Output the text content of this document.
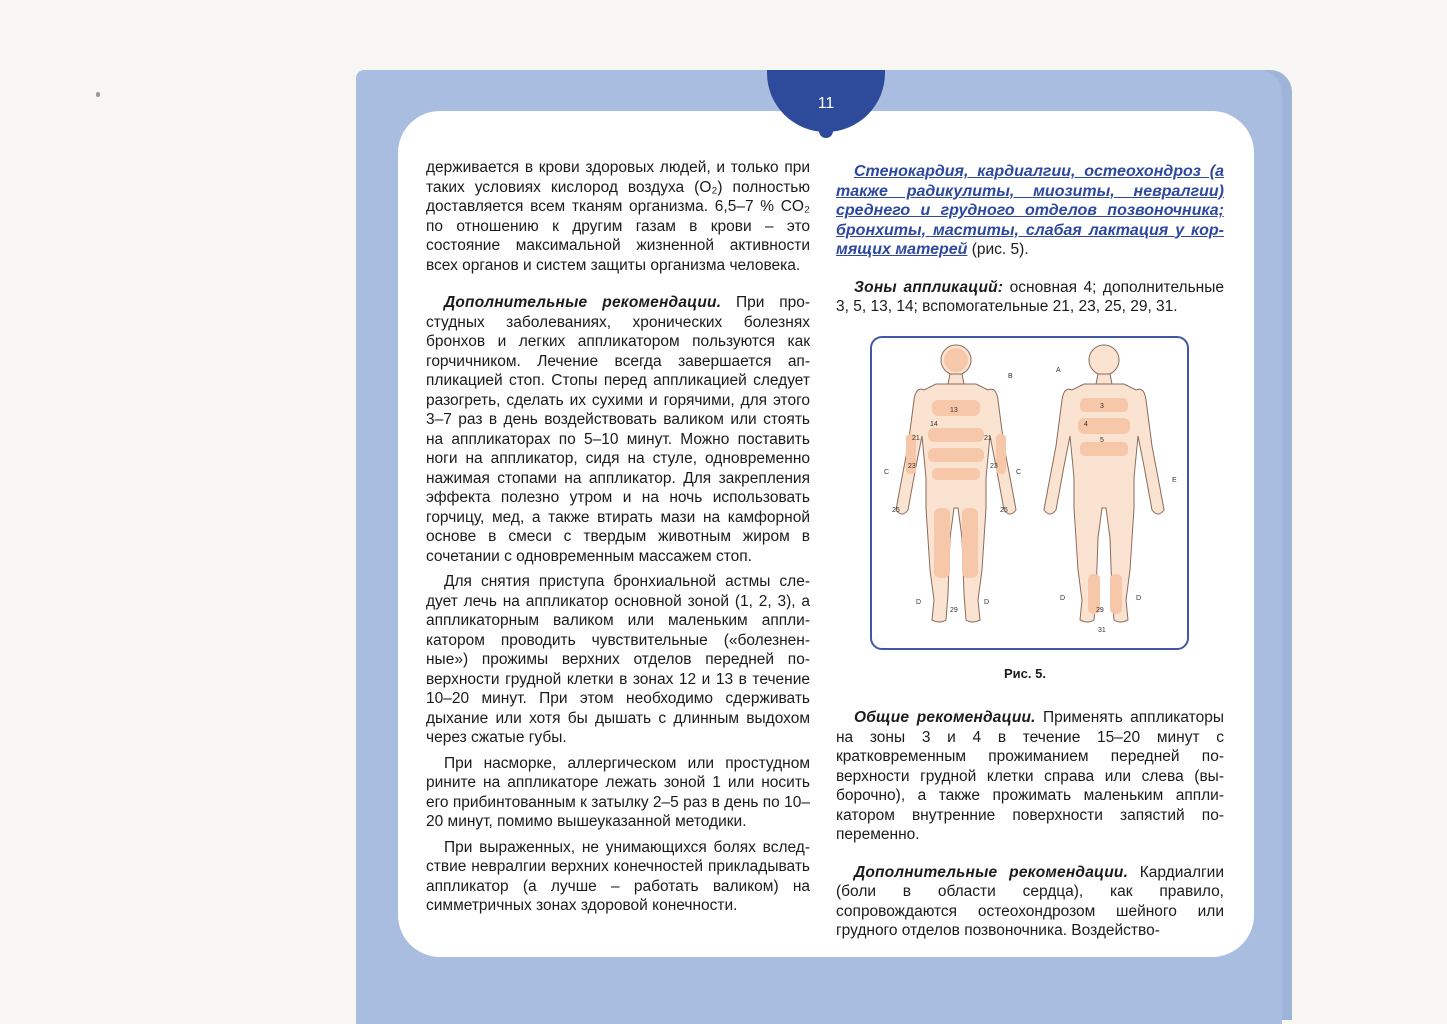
11

держивается в крови здоровых людей, и только при таких условиях кислород воздуха (O₂) полностью доставляется всем тканям организма. 6,5–7 % CO₂ по отношению к другим газам в крови – это состояние максимальной жизненной активности всех органов и систем защиты организма человека.

Дополнительные рекомендации. При простудных заболеваниях, хронических болезнях бронхов и легких аппликатором пользуются как горчичником. Лечение всегда завершается аппликацией стоп. Стопы перед аппликацией следует разогреть, сделать их сухими и горячими, для этого 3–7 раз в день воздействовать валиком или стоять на аппликаторах по 5–10 минут. Можно поставить ноги на аппликатор, сидя на стуле, одновременно нажимая стопами на аппликатор. Для закрепления эффекта полезно утром и на ночь использовать горчицу, мед, а также втирать мази на камфорной основе в смеси с твердым животным жиром в сочетании с одновременным массажем стоп.

Для снятия приступа бронхиальной астмы следует лечь на аппликатор основной зоной (1, 2, 3), а аппликаторным валиком или маленьким аппликатором проводить чувствительные («болезненные») прожимы верхних отделов передней поверхности грудной клетки в зонах 12 и 13 в течение 10–20 минут. При этом необходимо сдерживать дыхание или хотя бы дышать с длинным выдохом через сжатые губы.

При насморке, аллергическом или простудном рините на аппликаторе лежать зоной 1 или носить его прибинтованным к затылку 2–5 раз в день по 10–20 минут, помимо вышеуказанной методики.

При выраженных, не унимающихся болях вследствие невралгии верхних конечностей прикладывать аппликатор (а лучше – работать валиком) на симметричных зонах здоровой конечности.

Стенокардия, кардиалгии, остеохондроз (а также радикулиты, миозиты, невралгии) среднего и грудного отделов позвоночника; бронхиты, маститы, слабая лактация у кормящих матерей (рис. 5).

Зоны аппликаций: основная 4; дополнительные 3, 5, 13, 14; вспомогательные 21, 23, 25, 29, 31.

13
14
21	21
23	23
25	25
29
3
4
5
29
31
B
A
C	C
E
D	D
D	D
Рис. 5.

Общие рекомендации. Применять аппликаторы на зоны 3 и 4 в течение 15–20 минут с кратковременным прожиманием передней поверхности грудной клетки справа или слева (выборочно), а также прожимать маленьким аппликатором внутренние поверхности запястий попеременно.

Дополнительные рекомендации. Кардиалгии (боли в области сердца), как правило, сопровождаются остеохондрозом шейного или грудного отделов позвоночника. Воздейство-
